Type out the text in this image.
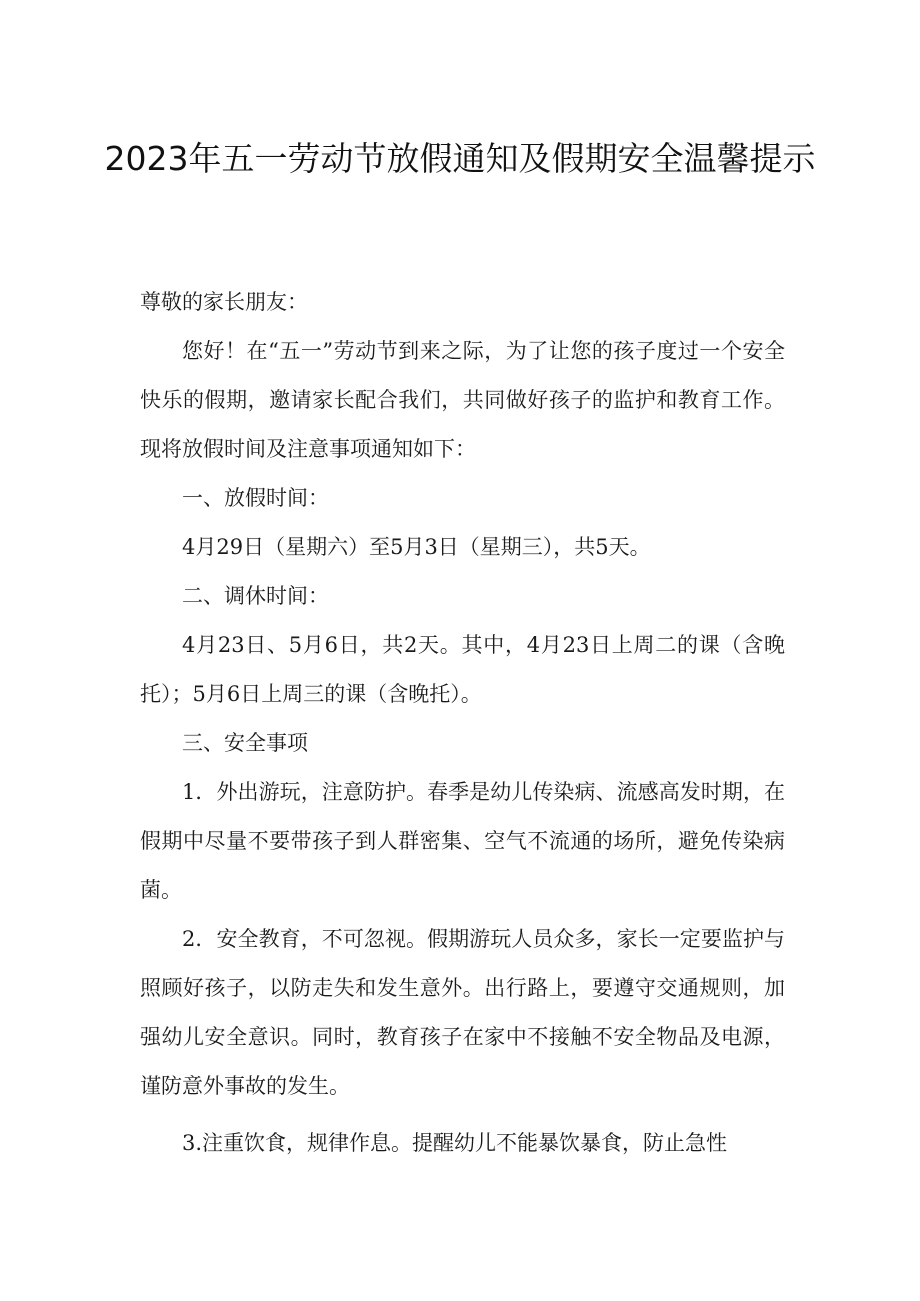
2023年五一劳动节放假通知及假期安全温馨提示

尊敬的家长朋友：

您好！在“五一”劳动节到来之际，为了让您的孩子度过一个安全快乐的假期，邀请家长配合我们，共同做好孩子的监护和教育工作。现将放假时间及注意事项通知如下：

一、放假时间：

4月29日（星期六）至5月3日（星期三），共5天。

二、调休时间：

4月23日、5月6日，共2天。其中，4月23日上周二的课（含晚托）；5月6日上周三的课（含晚托）。

三、安全事项

1．外出游玩，注意防护。春季是幼儿传染病、流感高发时期，在假期中尽量不要带孩子到人群密集、空气不流通的场所，避免传染病菌。

2．安全教育，不可忽视。假期游玩人员众多，家长一定要监护与照顾好孩子，以防走失和发生意外。出行路上，要遵守交通规则，加强幼儿安全意识。同时，教育孩子在家中不接触不安全物品及电源，谨防意外事故的发生。

3.注重饮食，规律作息。提醒幼儿不能暴饮暴食，防止急性
